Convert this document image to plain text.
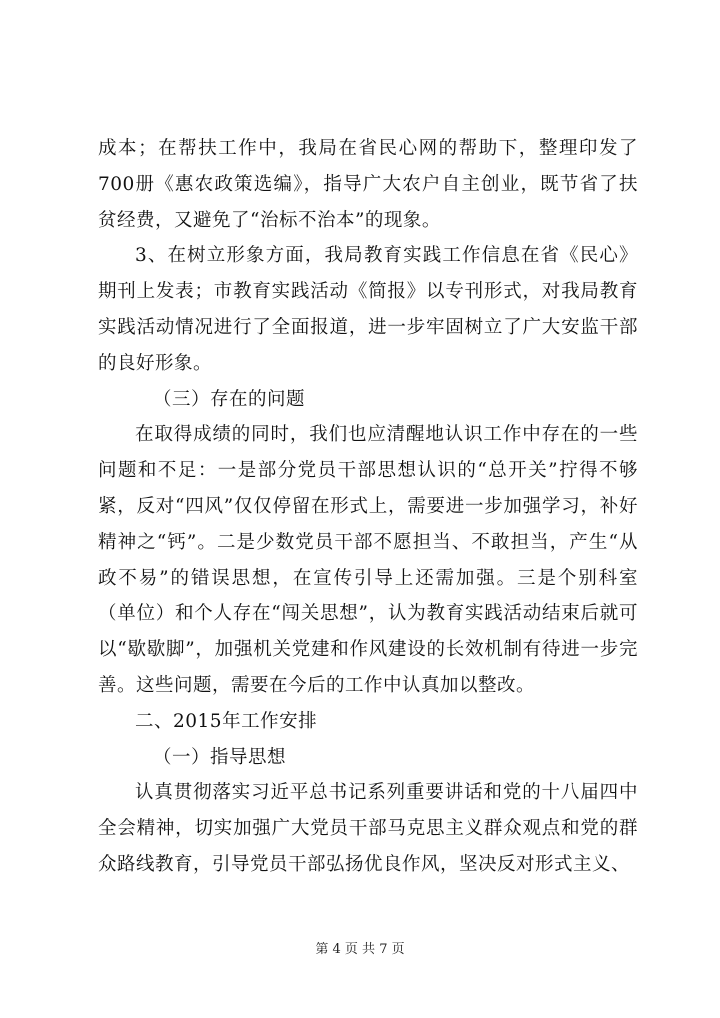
成本；在帮扶工作中，我局在省民心网的帮助下，整理印发了700册《惠农政策选编》，指导广大农户自主创业，既节省了扶贫经费，又避免了“治标不治本”的现象。

3、在树立形象方面，我局教育实践工作信息在省《民心》期刊上发表；市教育实践活动《简报》以专刊形式，对我局教育实践活动情况进行了全面报道，进一步牢固树立了广大安监干部的良好形象。

（三）存在的问题

在取得成绩的同时，我们也应清醒地认识工作中存在的一些问题和不足：一是部分党员干部思想认识的“总开关”拧得不够紧，反对“四风”仅仅停留在形式上，需要进一步加强学习，补好精神之“钙”。二是少数党员干部不愿担当、不敢担当，产生“从政不易”的错误思想，在宣传引导上还需加强。三是个别科室（单位）和个人存在“闯关思想”，认为教育实践活动结束后就可以“歇歇脚”，加强机关党建和作风建设的长效机制有待进一步完善。这些问题，需要在今后的工作中认真加以整改。

二、2015年工作安排

（一）指导思想

认真贯彻落实习近平总书记系列重要讲话和党的十八届四中全会精神，切实加强广大党员干部马克思主义群众观点和党的群众路线教育，引导党员干部弘扬优良作风，坚决反对形式主义、

第 4 页 共 7 页
